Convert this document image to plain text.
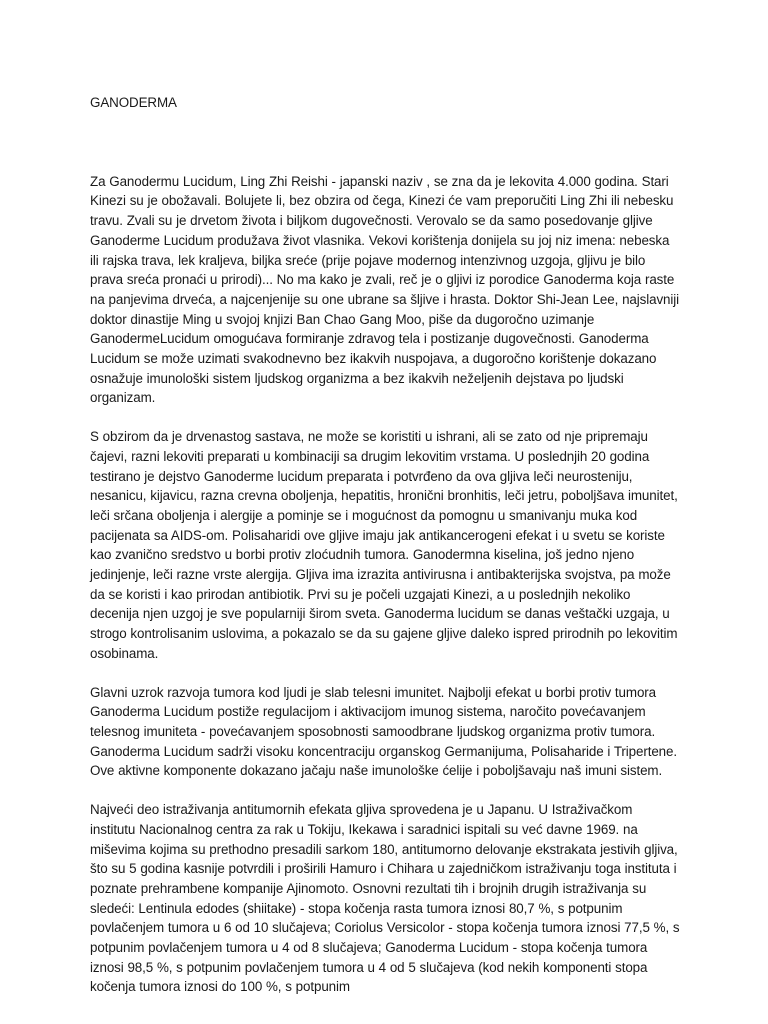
GANODERMA

Za Ganodermu Lucidum, Ling Zhi Reishi - japanski naziv , se zna da je lekovita 4.000 godina. Stari Kinezi su je obožavali. Bolujete li, bez obzira od čega, Kinezi će vam preporučiti Ling Zhi ili nebesku travu. Zvali su je drvetom života i biljkom dugovečnosti. Verovalo se da samo posedovanje gljive Ganoderme Lucidum produžava život vlasnika. Vekovi korištenja donijela su joj niz imena: nebeska ili rajska trava, lek kraljeva, biljka sreće (prije pojave modernog intenzivnog uzgoja, gljivu je bilo prava sreća pronaći u prirodi)... No ma kako je zvali, reč je o gljivi iz porodice Ganoderma koja raste na panjevima drveća, a najcenjenije su one ubrane sa šljive i hrasta. Doktor Shi-Jean Lee, najslavniji doktor dinastije Ming u svojoj knjizi Ban Chao Gang Moo, piše da dugoročno uzimanje GanodermeLucidum omogućava formiranje zdravog tela i postizanje dugovečnosti. Ganoderma Lucidum se može uzimati svakodnevno bez ikakvih nuspojava, a dugoročno korištenje dokazano osnažuje imunološki sistem ljudskog organizma a bez ikakvih neželjenih dejstava po ljudski organizam.

S obzirom da je drvenastog sastava, ne može se koristiti u ishrani, ali se zato od nje pripremaju čajevi, razni lekoviti preparati u kombinaciji sa drugim lekovitim vrstama. U poslednjih 20 godina testirano je dejstvo Ganoderme lucidum preparata i potvrđeno da ova gljiva leči neurosteniju, nesanicu, kijavicu, razna crevna oboljenja, hepatitis, hronični bronhitis, leči jetru, poboljšava imunitet, leči srčana oboljenja i alergije a pominje se i mogućnost da pomognu u smanivanju muka kod pacijenata sa AIDS-om. Polisaharidi ove gljive imaju jak antikancerogeni efekat i u svetu se koriste kao zvanično sredstvo u borbi protiv zloćudnih tumora. Ganodermna kiselina, još jedno njeno jedinjenje, leči razne vrste alergija. Gljiva ima izrazita antivirusna i antibakterijska svojstva, pa može da se koristi i kao prirodan antibiotik. Prvi su je počeli uzgajati Kinezi, a u poslednjih nekoliko decenija njen uzgoj je sve popularniji širom sveta. Ganoderma lucidum se danas veštački uzgaja, u strogo kontrolisanim uslovima, a pokazalo se da su gajene gljive daleko ispred prirodnih po lekovitim osobinama.

Glavni uzrok razvoja tumora kod ljudi je slab telesni imunitet. Najbolji efekat u borbi protiv tumora Ganoderma Lucidum postiže regulacijom i aktivacijom imunog sistema, naročito povećavanjem telesnog imuniteta - povećavanjem sposobnosti samoodbrane ljudskog organizma protiv tumora. Ganoderma Lucidum sadrži visoku koncentraciju organskog Germanijuma, Polisaharide i Tripertene. Ove aktivne komponente dokazano jačaju naše imunološke ćelije i poboljšavaju naš imuni sistem.

Najveći deo istraživanja antitumornih efekata gljiva sprovedena je u Japanu. U Istraživačkom institutu Nacionalnog centra za rak u Tokiju, Ikekawa i saradnici ispitali su već davne 1969. na miševima kojima su prethodno presadili sarkom 180, antitumorno delovanje ekstrakata jestivih gljiva, što su 5 godina kasnije potvrdili i proširili Hamuro i Chihara u zajedničkom istraživanju toga instituta i poznate prehrambene kompanije Ajinomoto. Osnovni rezultati tih i brojnih drugih istraživanja su sledeći: Lentinula edodes (shiitake) - stopa kočenja rasta tumora iznosi 80,7 %, s potpunim povlačenjem tumora u 6 od 10 slučajeva; Coriolus Versicolor - stopa kočenja tumora iznosi 77,5 %, s potpunim povlačenjem tumora u 4 od 8 slučajeva; Ganoderma Lucidum - stopa kočenja tumora iznosi 98,5 %, s potpunim povlačenjem tumora u 4 od 5 slučajeva (kod nekih komponenti stopa kočenja tumora iznosi do 100 %, s potpunim
